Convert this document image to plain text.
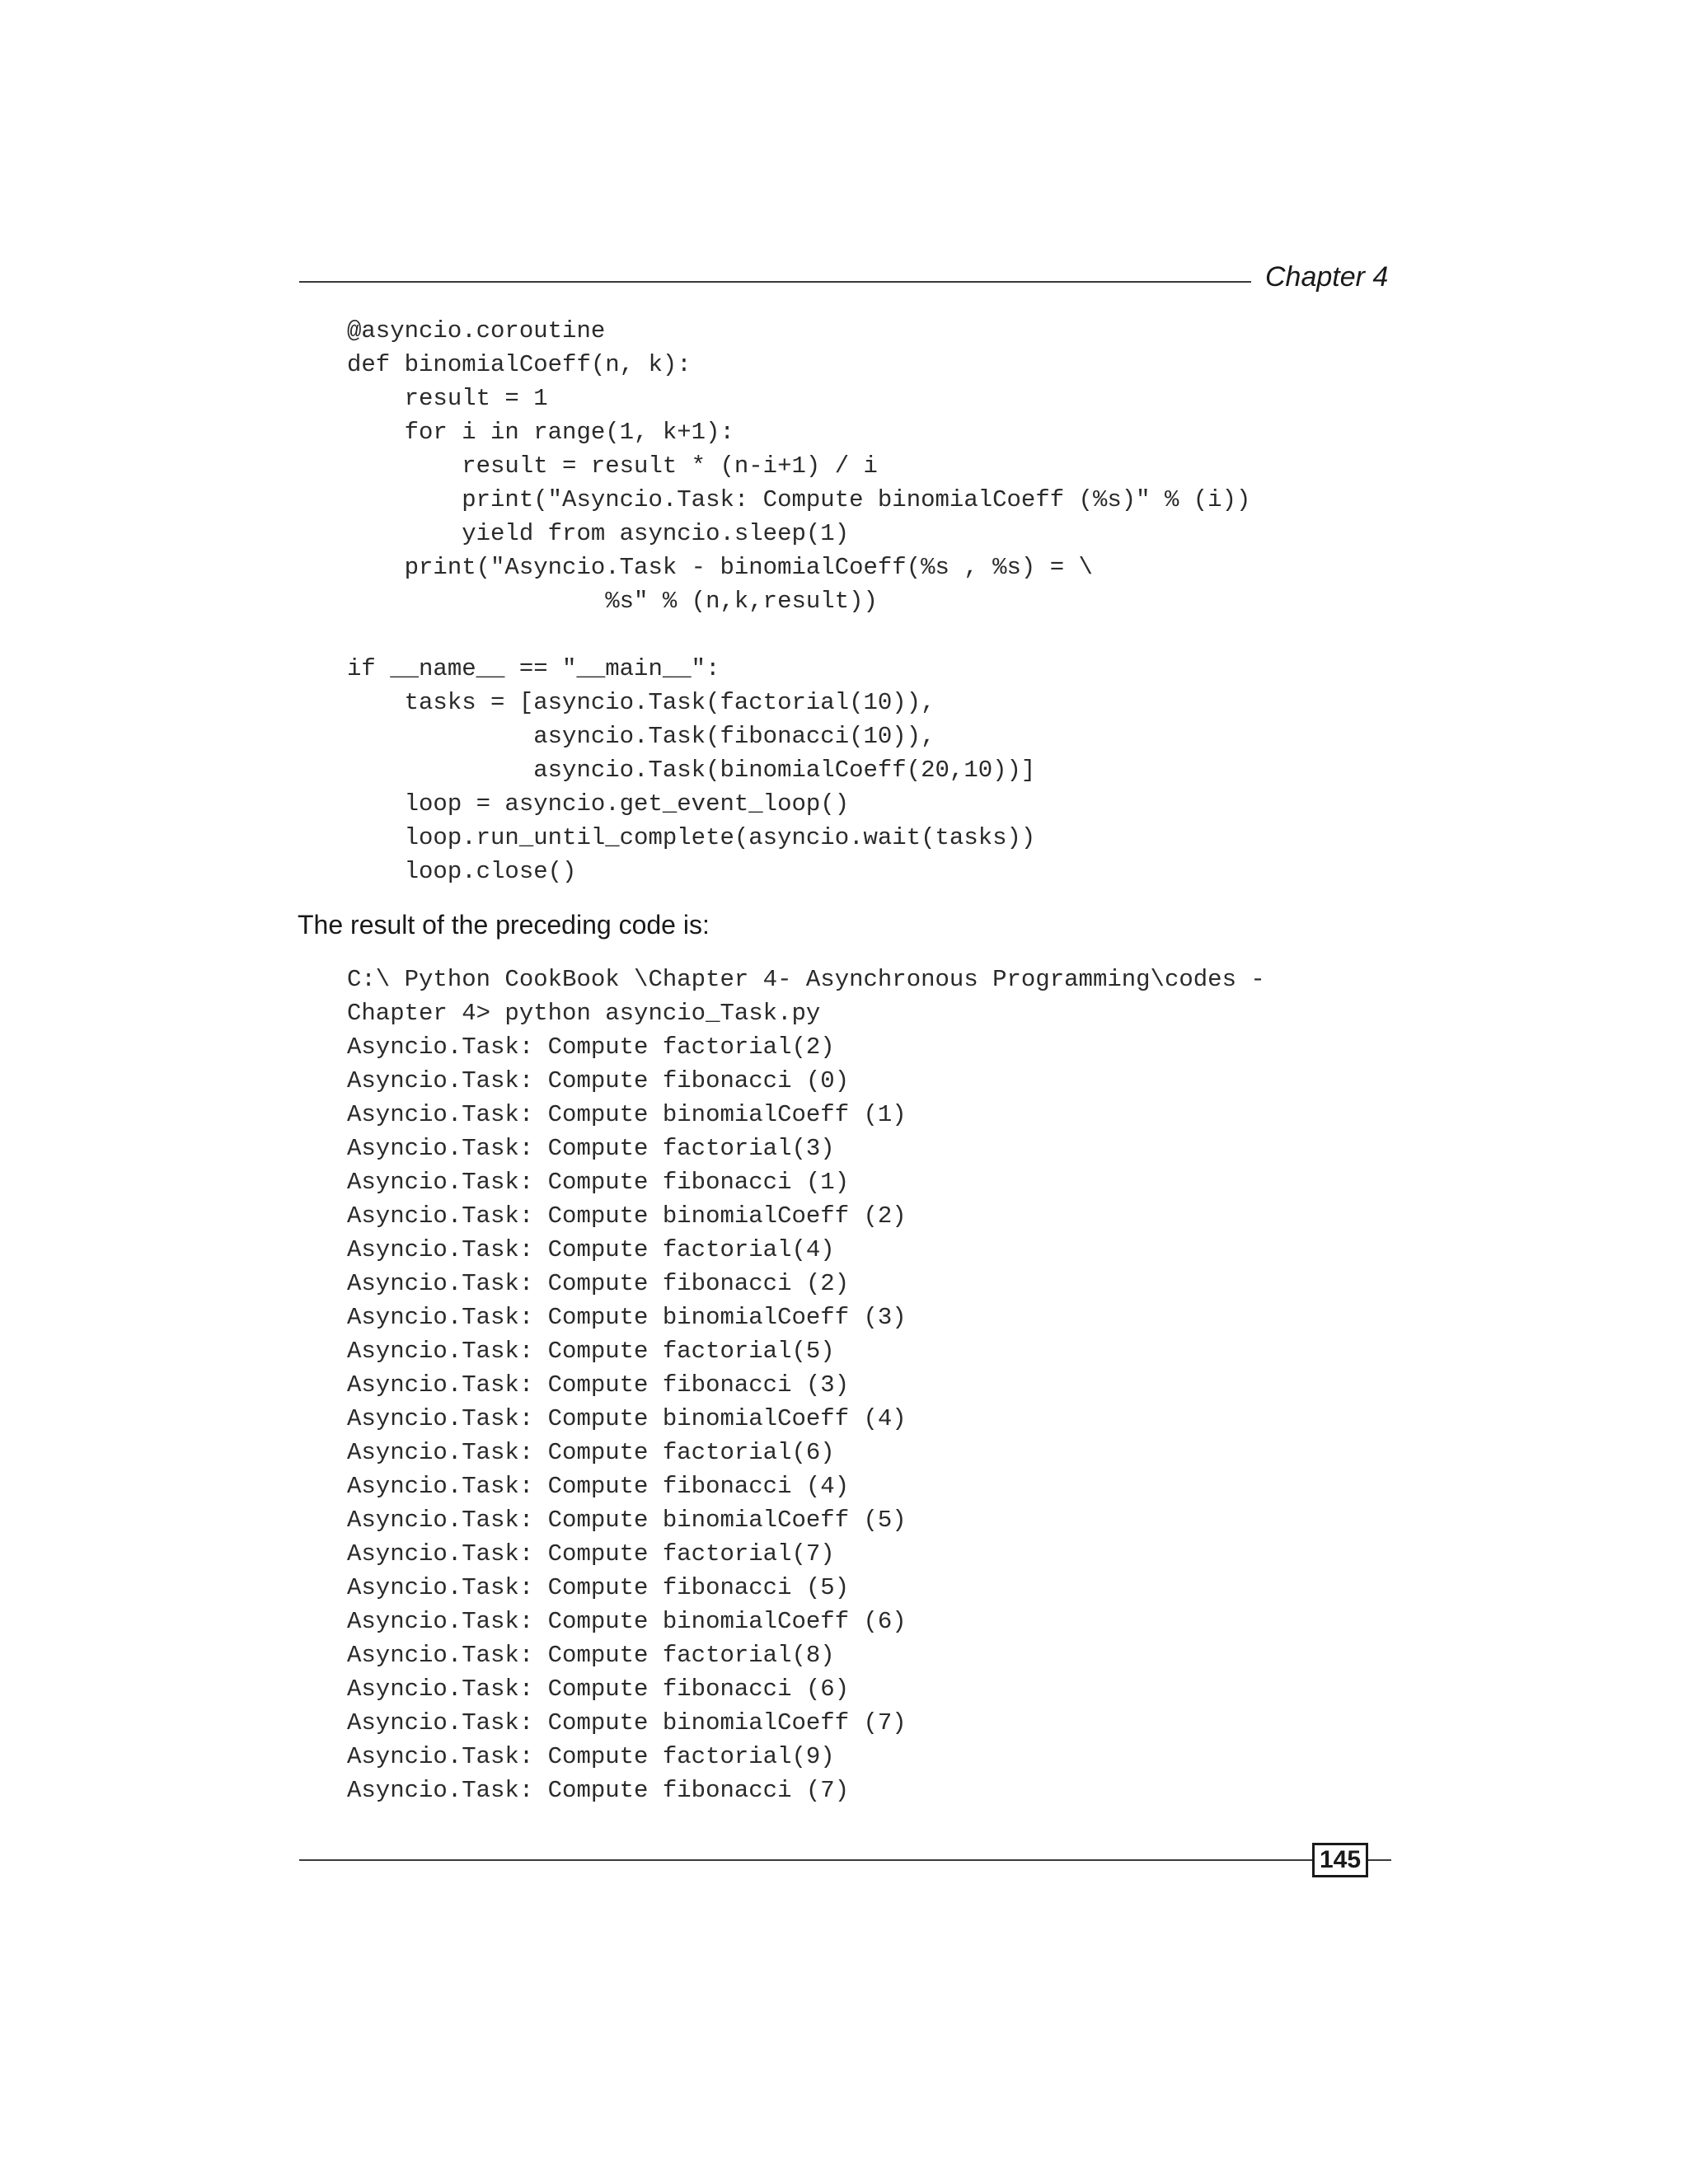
Chapter 4
@asyncio.coroutine
def binomialCoeff(n, k):
result = 1
for i in range(1, k+1):
result = result * (n-i+1) / i
print("Asyncio.Task: Compute binomialCoeff (%s)" % (i))
yield from asyncio.sleep(1)
print("Asyncio.Task - binomialCoeff(%s , %s) = \
%s" % (n,k,result))
if __name__ == "__main__":
tasks = [asyncio.Task(factorial(10)),
asyncio.Task(fibonacci(10)),
asyncio.Task(binomialCoeff(20,10))]
loop = asyncio.get_event_loop()
loop.run_until_complete(asyncio.wait(tasks))
loop.close()
The result of the preceding code is:
C:\ Python CookBook \Chapter 4- Asynchronous Programming\codes -
Chapter 4> python asyncio_Task.py
Asyncio.Task: Compute factorial(2)
Asyncio.Task: Compute fibonacci (0)
Asyncio.Task: Compute binomialCoeff (1)
Asyncio.Task: Compute factorial(3)
Asyncio.Task: Compute fibonacci (1)
Asyncio.Task: Compute binomialCoeff (2)
Asyncio.Task: Compute factorial(4)
Asyncio.Task: Compute fibonacci (2)
Asyncio.Task: Compute binomialCoeff (3)
Asyncio.Task: Compute factorial(5)
Asyncio.Task: Compute fibonacci (3)
Asyncio.Task: Compute binomialCoeff (4)
Asyncio.Task: Compute factorial(6)
Asyncio.Task: Compute fibonacci (4)
Asyncio.Task: Compute binomialCoeff (5)
Asyncio.Task: Compute factorial(7)
Asyncio.Task: Compute fibonacci (5)
Asyncio.Task: Compute binomialCoeff (6)
Asyncio.Task: Compute factorial(8)
Asyncio.Task: Compute fibonacci (6)
Asyncio.Task: Compute binomialCoeff (7)
Asyncio.Task: Compute factorial(9)
Asyncio.Task: Compute fibonacci (7)
145
